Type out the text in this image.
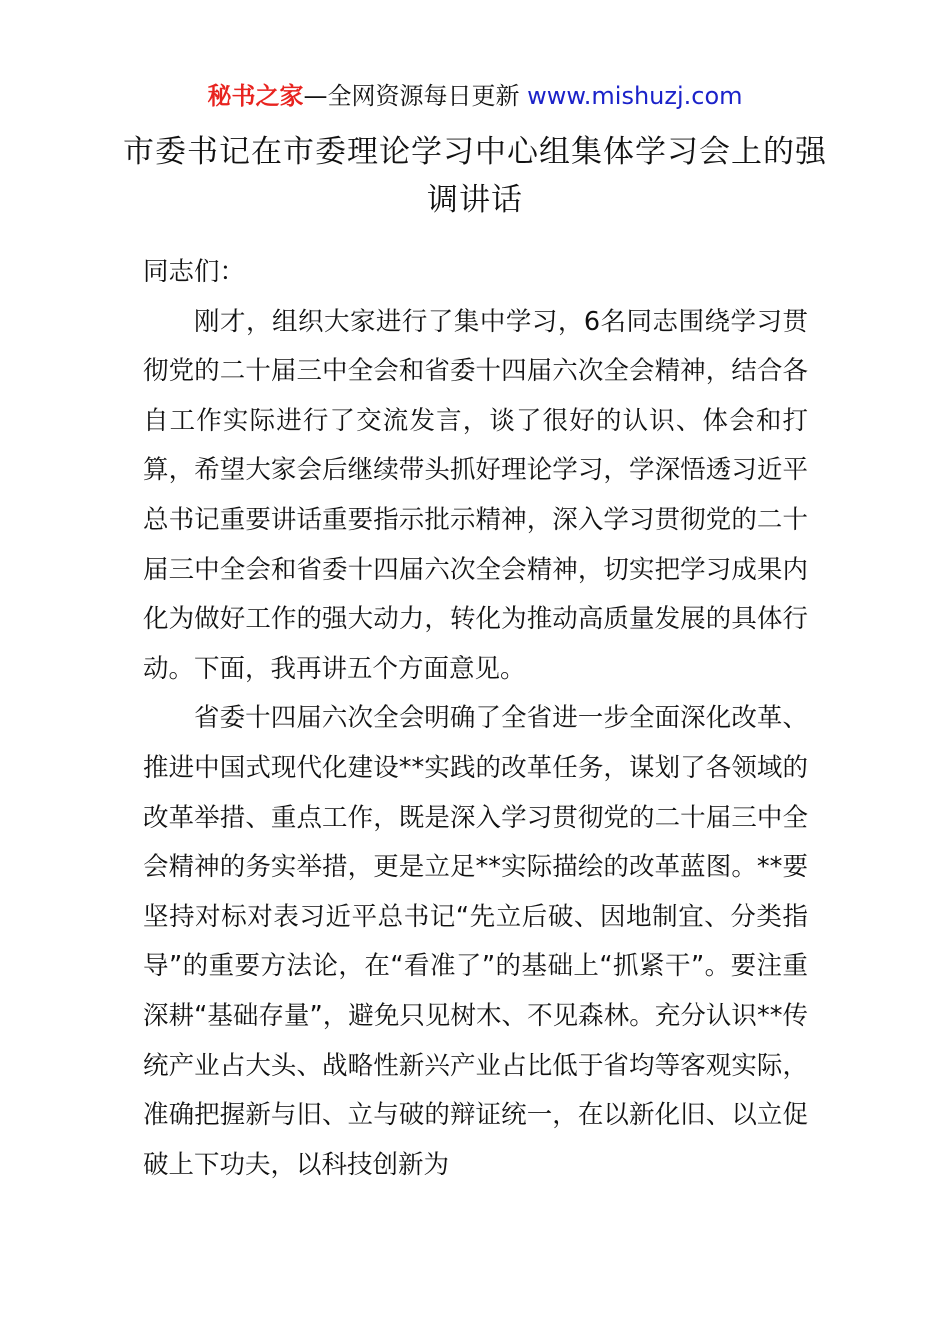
秘书之家—全网资源每日更新 www.mishuzj.com
市委书记在市委理论学习中心组集体学习会上的强调讲话

同志们：

刚才，组织大家进行了集中学习，6名同志围绕学习贯彻党的二十届三中全会和省委十四届六次全会精神，结合各自工作实际进行了交流发言，谈了很好的认识、体会和打算，希望大家会后继续带头抓好理论学习，学深悟透习近平总书记重要讲话重要指示批示精神，深入学习贯彻党的二十届三中全会和省委十四届六次全会精神，切实把学习成果内化为做好工作的强大动力，转化为推动高质量发展的具体行动。下面，我再讲五个方面意见。

省委十四届六次全会明确了全省进一步全面深化改革、推进中国式现代化建设**实践的改革任务，谋划了各领域的改革举措、重点工作，既是深入学习贯彻党的二十届三中全会精神的务实举措，更是立足**实际描绘的改革蓝图。**要坚持对标对表习近平总书记“先立后破、因地制宜、分类指导”的重要方法论，在“看准了”的基础上“抓紧干”。要注重深耕“基础存量”，避免只见树木、不见森林。充分认识**传统产业占大头、战略性新兴产业占比低于省均等客观实际，准确把握新与旧、立与破的辩证统一，在以新化旧、以立促破上下功夫，以科技创新为
